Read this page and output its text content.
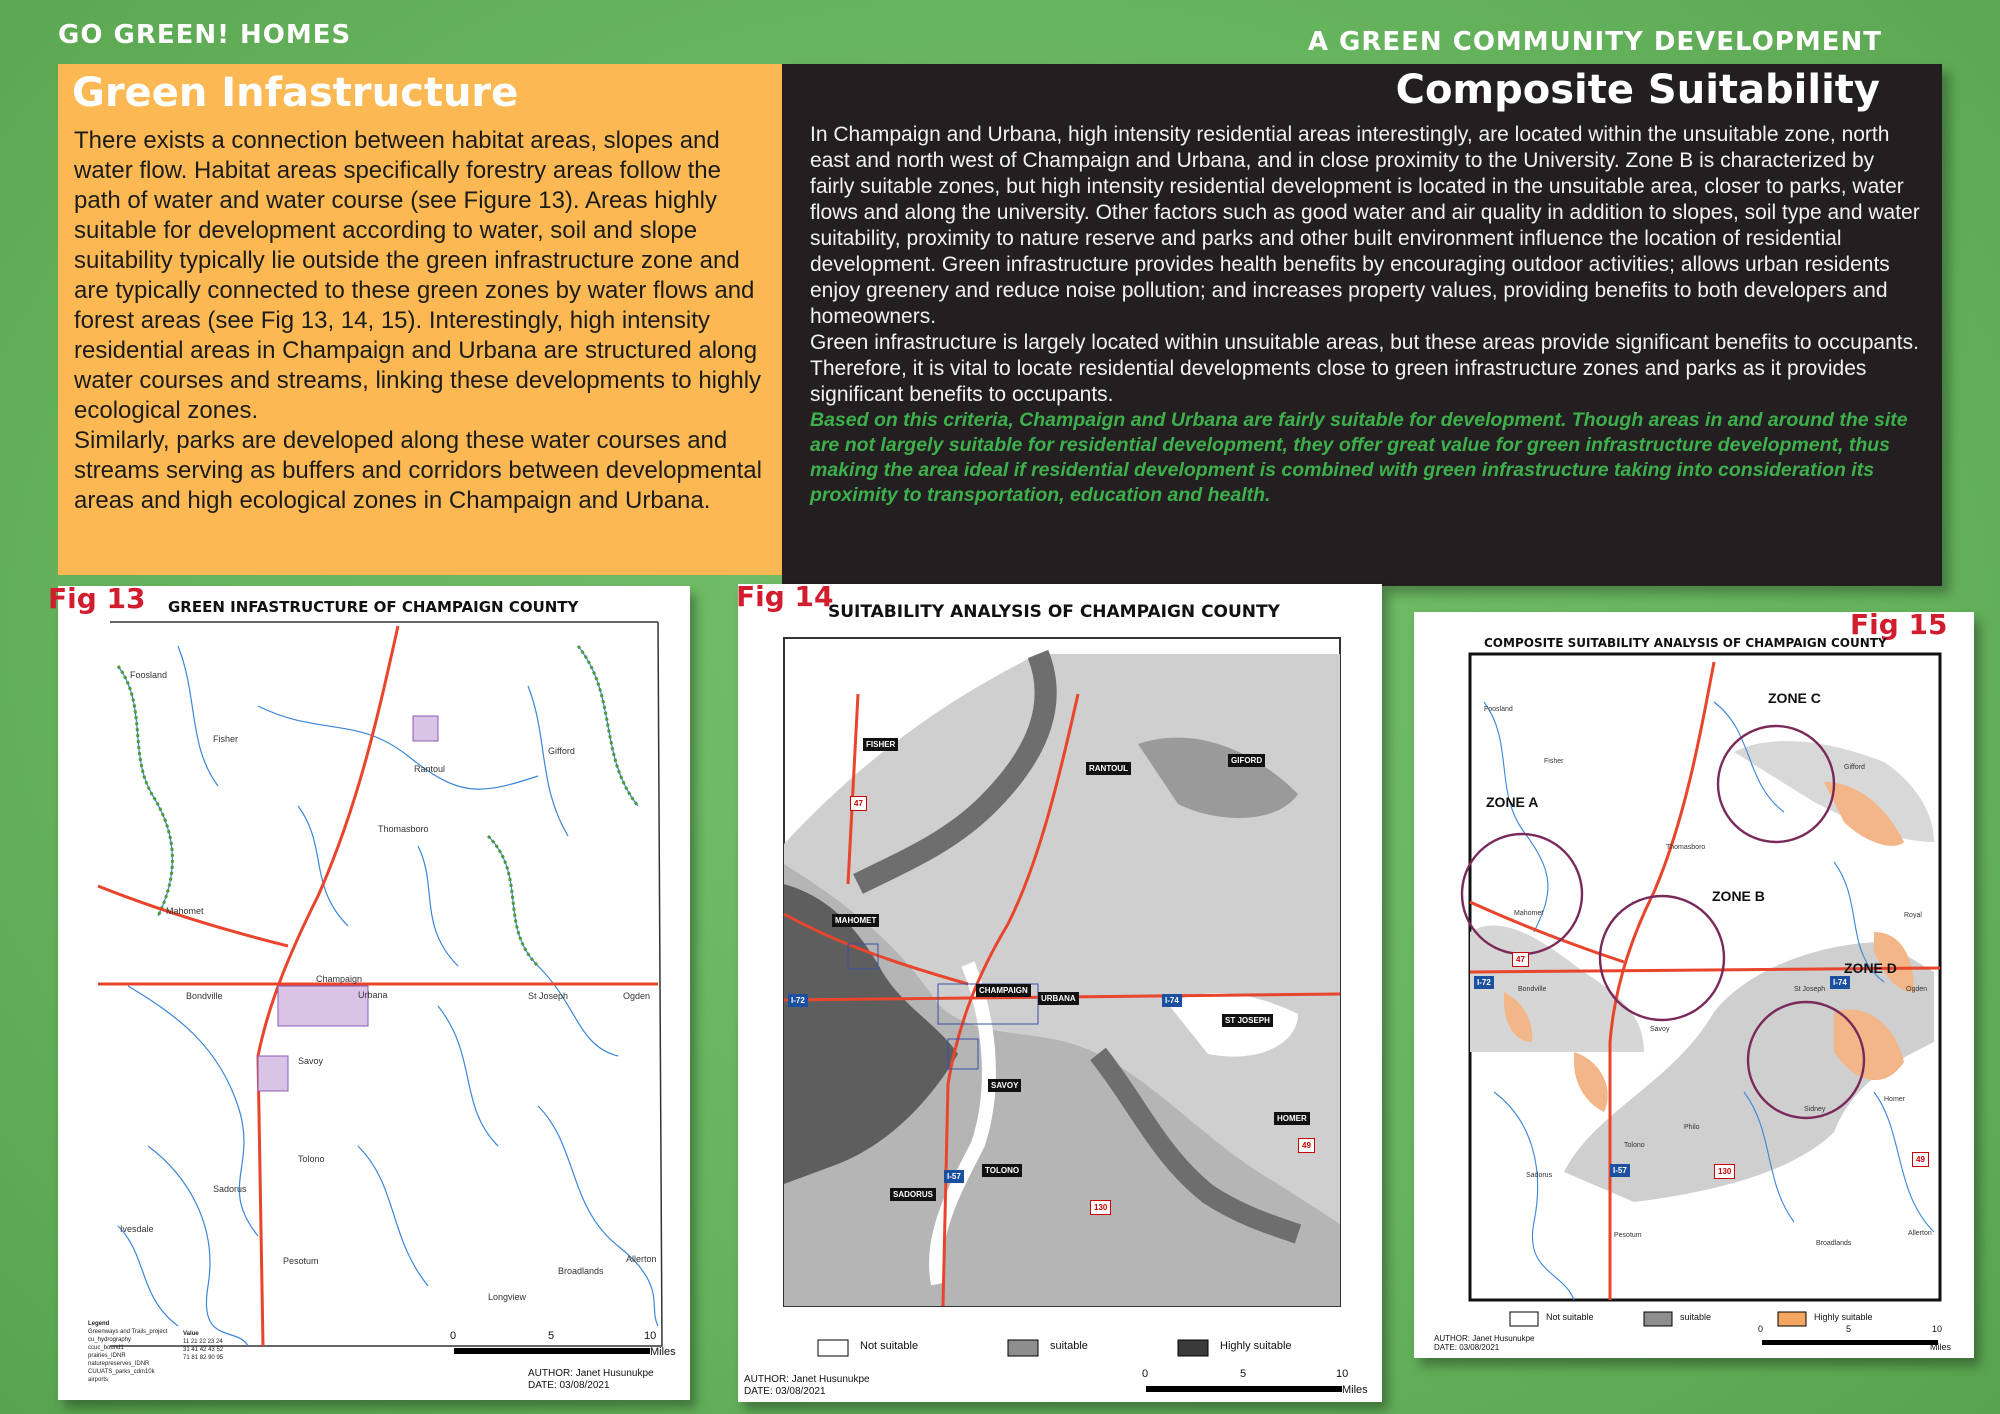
GO GREEN! HOMES	A GREEN COMMUNITY DEVELOPMENT
Green Infastructure
There exists a connection between habitat areas, slopes and water flow. Habitat areas specifically forestry areas follow the path of water and water course (see Figure 13). Areas highly suitable for development according to water, soil and slope suitability typically lie outside the green infrastructure zone and are typically connected to these green zones by water flows and forest areas (see Fig 13, 14, 15). Interestingly, high intensity residential areas in Champaign and Urbana are structured along water courses and streams, linking these developments to highly ecological zones.
Similarly, parks are developed along these water courses and streams serving as buffers and corridors between developmental areas and high ecological zones in Champaign and Urbana.
Composite Suitability
In Champaign and Urbana, high intensity residential areas interestingly, are located within the unsuitable zone, north east and north west of Champaign and Urbana, and in close proximity to the University. Zone B is characterized by fairly suitable zones, but high intensity residential development is located in the unsuitable area, closer to parks, water flows and along the university. Other factors such as good water and air quality in addition to slopes, soil type and water suitability, proximity to nature reserve and parks and other built environment influence the location of residential development. Green infrastructure provides health benefits by encouraging outdoor activities; allows urban residents enjoy greenery and reduce noise pollution; and increases property values, providing benefits to both developers and homeowners.
Green infrastructure is largely located within unsuitable areas, but these areas provide significant benefits to occupants. Therefore, it is vital to locate residential developments close to green infrastructure zones and parks as it provides significant benefits to occupants.
Based on this criteria, Champaign and Urbana are fairly suitable for development. Though areas in and around the site are not largely suitable for residential development, they offer great value for green infrastructure development, thus making the area ideal if residential development is combined with green infrastructure taking into consideration its proximity to transportation, education and health.
Fig 13 GREEN INFASTRUCTURE OF CHAMPAIGN COUNTY
Foosland
Fisher
Rantoul
Gifford
Thomasboro
Mahomet
Bondville
Champaign
Urbana	St Joseph	Ogden
Savoy
Tolono
Sadorus
Ivesdale
Pesotum
Broadlands
Allerton
Longview
Legend
Greenways and Trails_project
cu_hydrography
ccuc_bound1
prairies_IDNR
naturepreserves_IDNR
CUUATS_parks_cdm10k
airports
Value
11 21 22 23 24
31 41 42 43 52
71 81 82 90 95
0	5	10
Miles
AUTHOR: Janet Husunukpe
DATE: 03/08/2021
Fig 14
SUITABILITY ANALYSIS OF CHAMPAIGN COUNTY
FISHER
RANTOUL
GIFORD
MAHOMET
CHAMPAIGN
URBANA
ST JOSEPH
SAVOY
HOMER
TOLONO
SADORUS
47
I-72	I-74
49
I-57
130
Not suitable	suitable	Highly suitable
AUTHOR: Janet Husunukpe
DATE: 03/08/2021
0	5	10
Miles
Fig 15
COMPOSITE SUITABILITY ANALYSIS OF CHAMPAIGN COUNTY
ZONE A
ZONE B
ZONE C
ZONE D
Foosland
Fisher
Gifford
Thomasboro
Mahomet
Bondville	St Joseph	Ogden
Savoy
Philo
Tolono
Sadorus
Homer
Sidney
Pesotum
Broadlands
Allerton
Royal
47
I-72	I-74
I-57	130
49
Not suitable	suitable	Highly suitable
AUTHOR: Janet Husunukpe
DATE: 03/08/2021
0	5	10
Miles
